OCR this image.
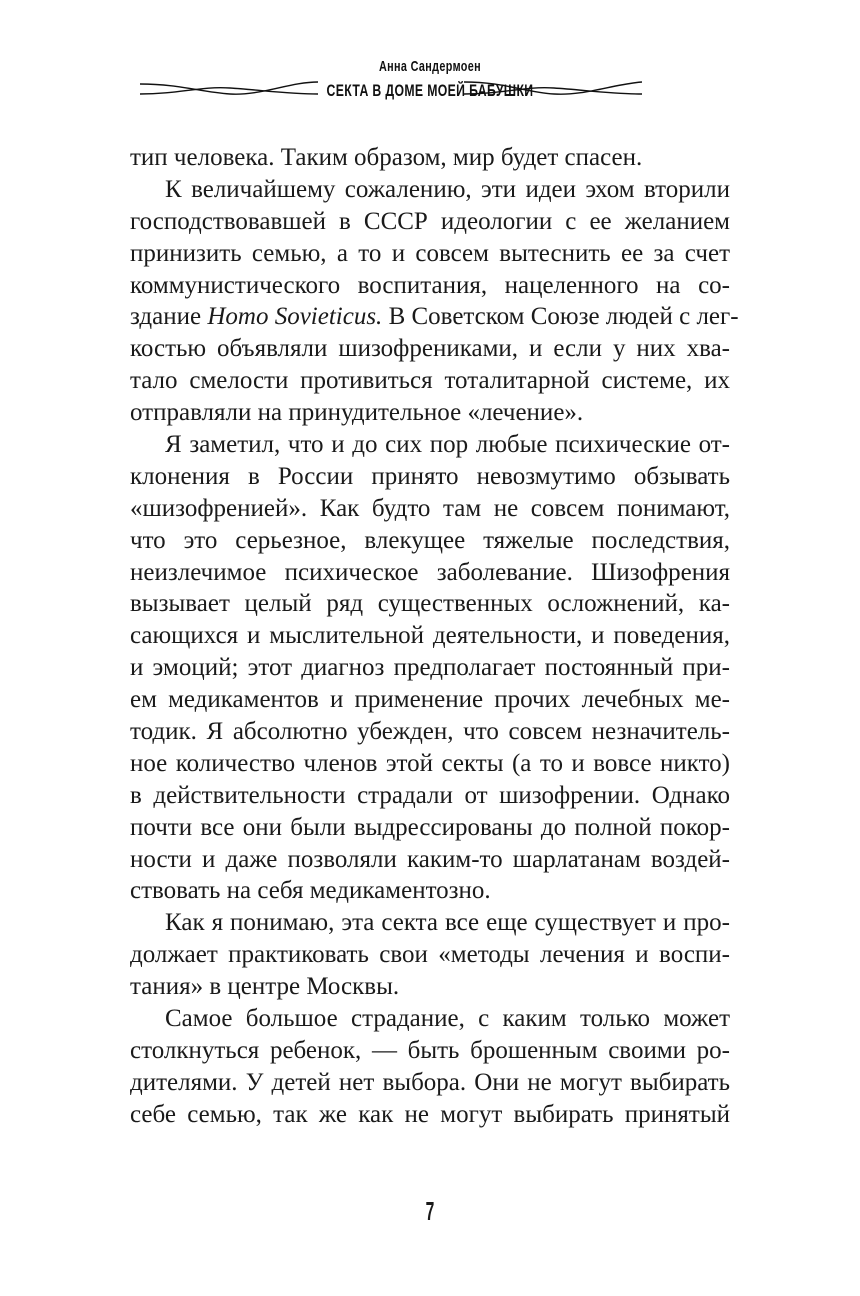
Анна Сандермоен
СЕКТА В ДОМЕ МОЕЙ БАБУШКИ
тип человека. Таким образом, мир будет спасен.
К величайшему сожалению, эти идеи эхом вторили
господствовавшей в СССР идеологии с ее желанием
принизить семью, а то и совсем вытеснить ее за счет
коммунистического воспитания, нацеленного на со-
здание Homo Sovieticus. В Советском Союзе людей с лег-
костью объявляли шизофрениками, и если у них хва-
тало смелости противиться тоталитарной системе, их
отправляли на принудительное «лечение».
Я заметил, что и до сих пор любые психические от-
клонения в России принято невозмутимо обзывать
«шизофренией». Как будто там не совсем понимают,
что это серьезное, влекущее тяжелые последствия,
неизлечимое психическое заболевание. Шизофрения
вызывает целый ряд существенных осложнений, ка-
сающихся и мыслительной деятельности, и поведения,
и эмоций; этот диагноз предполагает постоянный при-
ем медикаментов и применение прочих лечебных ме-
тодик. Я абсолютно убежден, что совсем незначитель-
ное количество членов этой секты (а то и вовсе никто)
в действительности страдали от шизофрении. Однако
почти все они были выдрессированы до полной покор-
ности и даже позволяли каким-то шарлатанам воздей-
ствовать на себя медикаментозно.
Как я понимаю, эта секта все еще существует и про-
должает практиковать свои «методы лечения и воспи-
тания» в центре Москвы.
Самое большое страдание, с каким только может
столкнуться ребенок, — быть брошенным своими ро-
дителями. У детей нет выбора. Они не могут выбирать
себе семью, так же как не могут выбирать принятый
7
